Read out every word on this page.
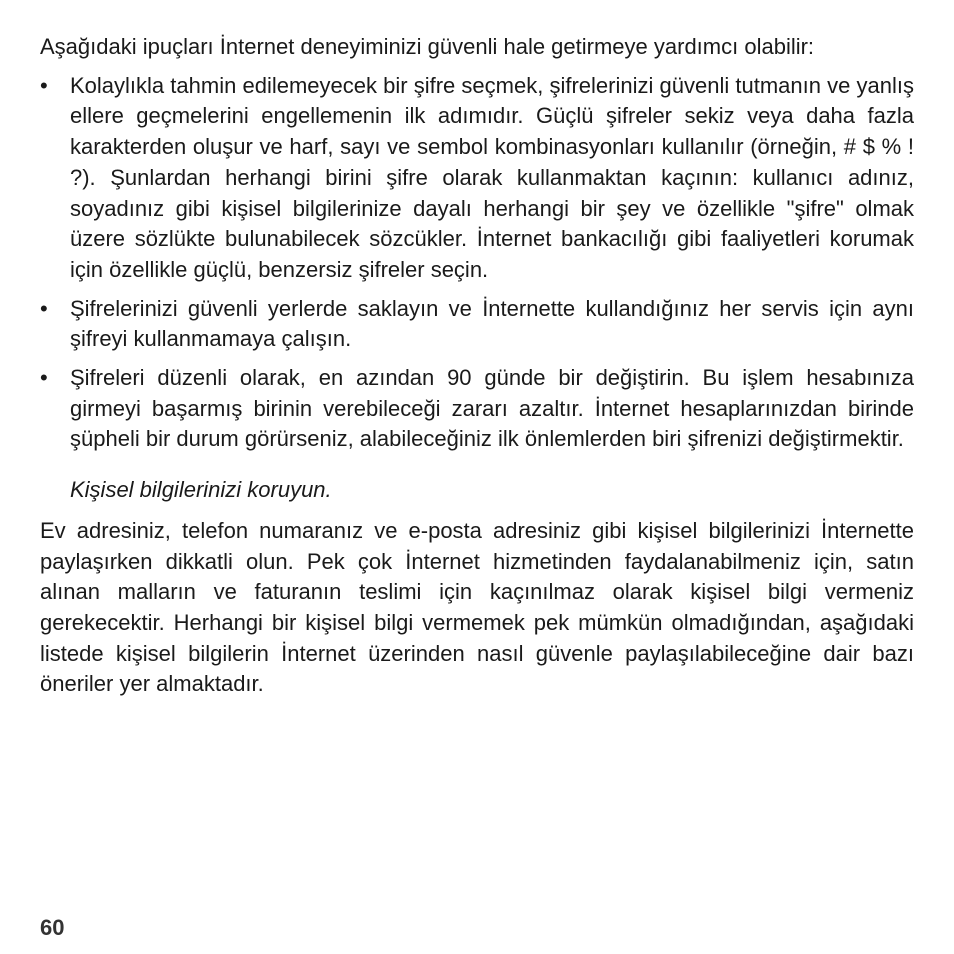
Aşağıdaki ipuçları İnternet deneyiminizi güvenli hale getirmeye yardımcı olabilir:

• Kolaylıkla tahmin edilemeyecek bir şifre seçmek, şifrelerinizi güvenli tutmanın ve yanlış ellere geçmelerini engellemenin ilk adımıdır. Güçlü şifreler sekiz veya daha fazla karakterden oluşur ve harf, sayı ve sembol kombinasyonları kullanılır (örneğin, # $ % ! ?). Şunlardan herhangi birini şifre olarak kullanmaktan kaçının: kullanıcı adınız, soyadınız gibi kişisel bilgilerinize dayalı herhangi bir şey ve özellikle "şifre" olmak üzere sözlükte bulunabilecek sözcükler. İnternet bankacılığı gibi faaliyetleri korumak için özellikle güçlü, benzersiz şifreler seçin.
• Şifrelerinizi güvenli yerlerde saklayın ve İnternette kullandığınız her servis için aynı şifreyi kullanmamaya çalışın.
• Şifreleri düzenli olarak, en azından 90 günde bir değiştirin. Bu işlem hesabınıza girmeyi başarmış birinin verebileceği zararı azaltır. İnternet hesaplarınızdan birinde şüpheli bir durum görürseniz, alabileceğiniz ilk önlemlerden biri şifrenizi değiştirmektir.

Kişisel bilgilerinizi koruyun.

Ev adresiniz, telefon numaranız ve e-posta adresiniz gibi kişisel bilgilerinizi İnternette paylaşırken dikkatli olun. Pek çok İnternet hizmetinden faydalanabilmeniz için, satın alınan malların ve faturanın teslimi için kaçınılmaz olarak kişisel bilgi vermeniz gerekecektir. Herhangi bir kişisel bilgi vermemek pek mümkün olmadığından, aşağıdaki listede kişisel bilgilerin İnternet üzerinden nasıl güvenle paylaşılabileceğine dair bazı öneriler yer almaktadır.

60
